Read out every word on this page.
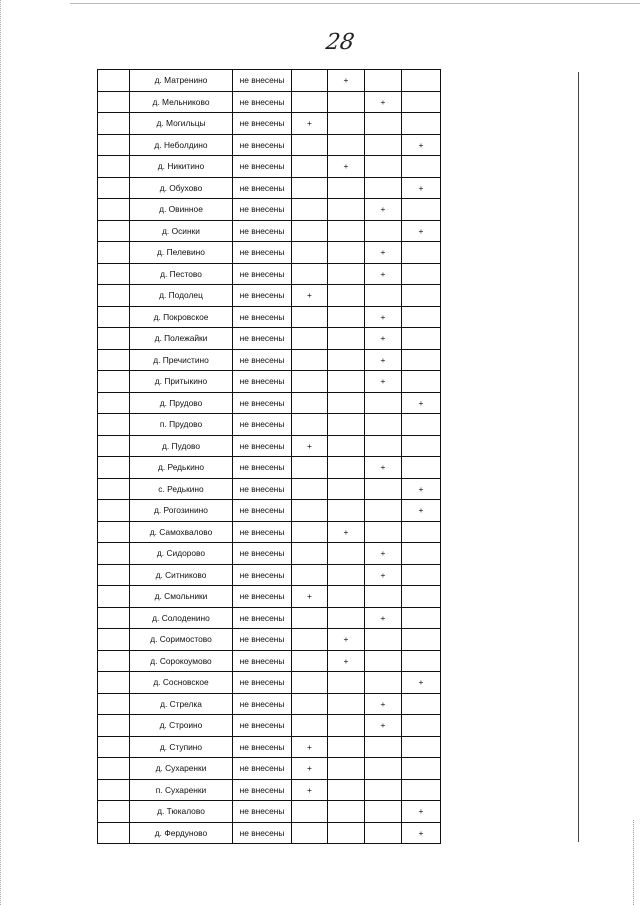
28
	д. Матренино	не внесены		+		
	д. Мельниково	не внесены			+	
	д. Могильцы	не внесены	+			
	д. Неболдино	не внесены				+
	д. Никитино	не внесены		+		
	д. Обухово	не внесены				+
	д. Овинное	не внесены			+	
	д. Осинки	не внесены				+
	д. Пелевино	не внесены			+	
	д. Пестово	не внесены			+	
	д. Подолец	не внесены	+			
	д. Покровское	не внесены			+	
	д. Полежайки	не внесены			+	
	д. Пречистино	не внесены			+	
	д. Притыкино	не внесены			+	
	д. Прудово	не внесены				+
	п. Прудово	не внесены				
	д. Пудово	не внесены	+			
	д. Редькино	не внесены			+	
	с. Редькино	не внесены				+
	д. Рогозинино	не внесены				+
	д. Самохвалово	не внесены		+		
	д. Сидорово	не внесены			+	
	д. Ситниково	не внесены			+	
	д. Смольники	не внесены	+			
	д. Солоденино	не внесены			+	
	д. Соримостово	не внесены		+		
	д. Сорокоумово	не внесены		+		
	д. Сосновское	не внесены				+
	д. Стрелка	не внесены			+	
	д. Строино	не внесены			+	
	д. Ступино	не внесены	+			
	д. Сухаренки	не внесены	+			
	п. Сухаренки	не внесены	+			
	д. Тюкалово	не внесены				+
	д. Фердуново	не внесены				+
